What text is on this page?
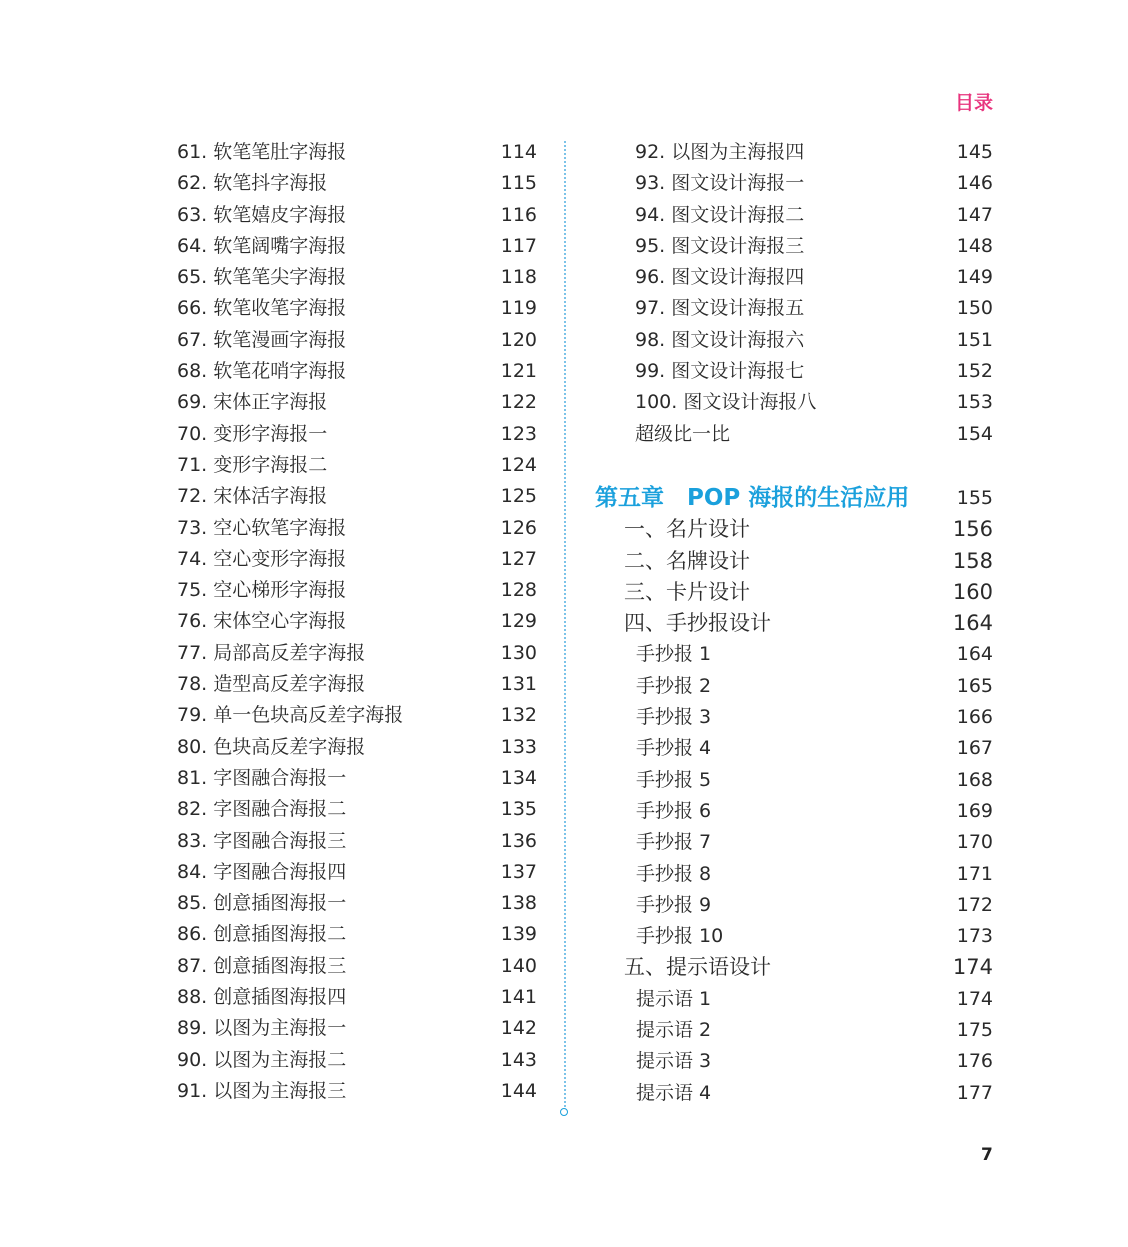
目录
61. 软笔笔肚字海报	114
62. 软笔抖字海报	115
63. 软笔嬉皮字海报	116
64. 软笔阔嘴字海报	117
65. 软笔笔尖字海报	118
66. 软笔收笔字海报	119
67. 软笔漫画字海报	120
68. 软笔花哨字海报	121
69. 宋体正字海报	122
70. 变形字海报一	123
71. 变形字海报二	124
72. 宋体活字海报	125
73. 空心软笔字海报	126
74. 空心变形字海报	127
75. 空心梯形字海报	128
76. 宋体空心字海报	129
77. 局部高反差字海报	130
78. 造型高反差字海报	131
79. 单一色块高反差字海报	132
80. 色块高反差字海报	133
81. 字图融合海报一	134
82. 字图融合海报二	135
83. 字图融合海报三	136
84. 字图融合海报四	137
85. 创意插图海报一	138
86. 创意插图海报二	139
87. 创意插图海报三	140
88. 创意插图海报四	141
89. 以图为主海报一	142
90. 以图为主海报二	143
91. 以图为主海报三	144
92. 以图为主海报四	145
93. 图文设计海报一	146
94. 图文设计海报二	147
95. 图文设计海报三	148
96. 图文设计海报四	149
97. 图文设计海报五	150
98. 图文设计海报六	151
99. 图文设计海报七	152
100. 图文设计海报八	153
超级比一比	154
第五章　POP 海报的生活应用 155
一、名片设计	156
二、名牌设计	158
三、卡片设计	160
四、手抄报设计	164
手抄报 1	164
手抄报 2	165
手抄报 3	166
手抄报 4	167
手抄报 5	168
手抄报 6	169
手抄报 7	170
手抄报 8	171
手抄报 9	172
手抄报 10	173
五、提示语设计	174
提示语 1	174
提示语 2	175
提示语 3	176
提示语 4	177
7
